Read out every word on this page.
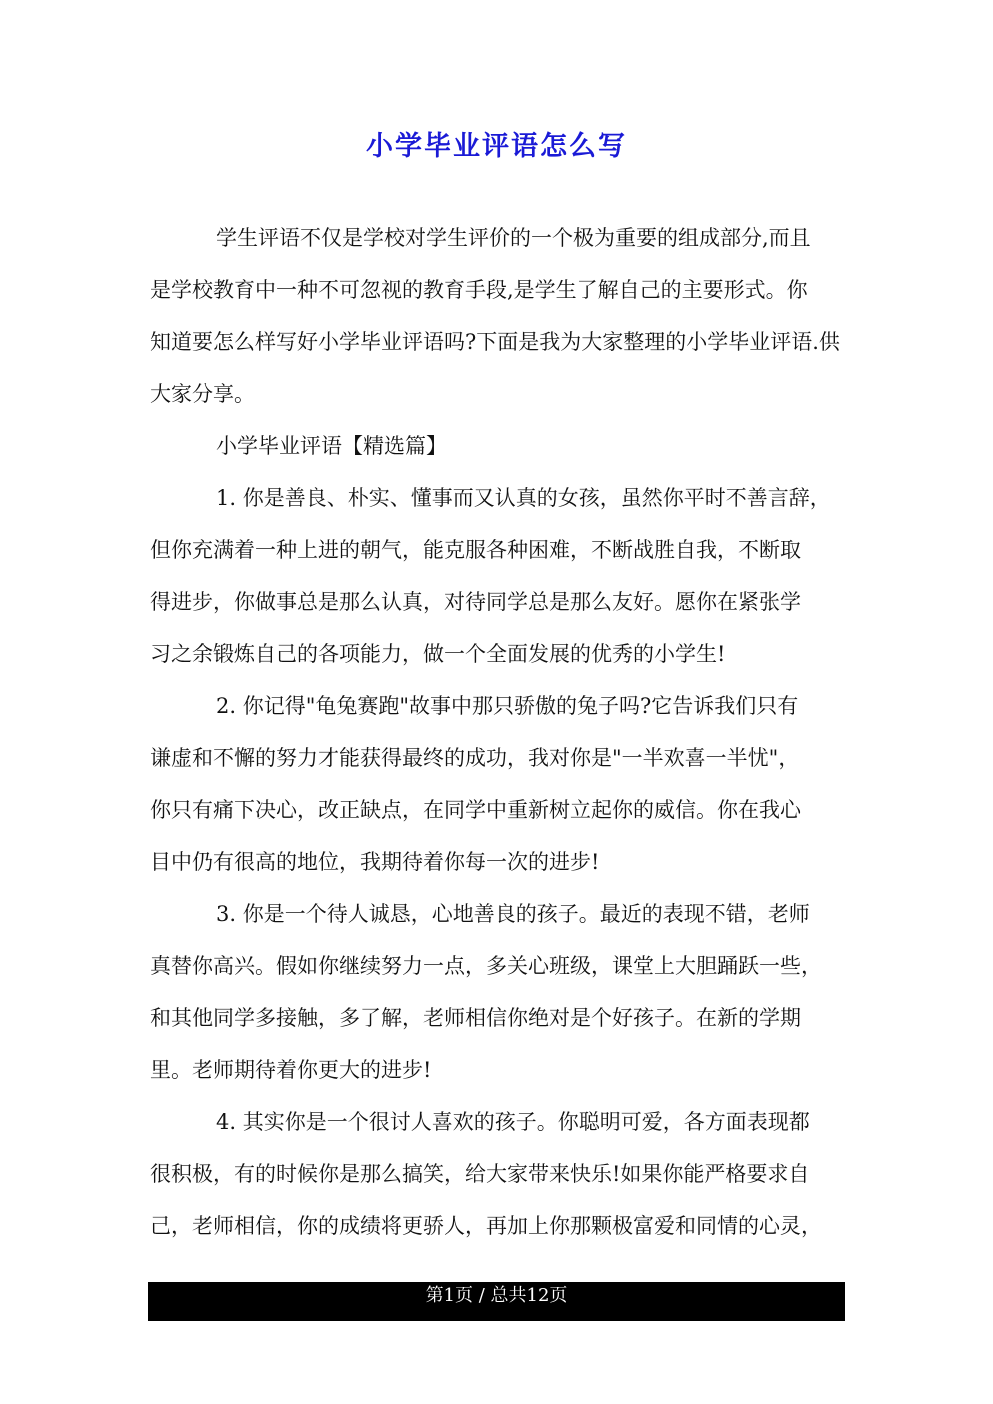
小学毕业评语怎么写

学生评语不仅是学校对学生评价的一个极为重要的组成部分,而且

是学校教育中一种不可忽视的教育手段,是学生了解自己的主要形式。你

知道要怎么样写好小学毕业评语吗?下面是我为大家整理的小学毕业评语.供

大家分享。

小学毕业评语【精选篇】

1. 你是善良、朴实、懂事而又认真的女孩，虽然你平时不善言辞，

但你充满着一种上进的朝气，能克服各种困难，不断战胜自我，不断取

得进步，你做事总是那么认真，对待同学总是那么友好。愿你在紧张学

习之余锻炼自己的各项能力，做一个全面发展的优秀的小学生!

2. 你记得"龟兔赛跑"故事中那只骄傲的兔子吗?它告诉我们只有

谦虚和不懈的努力才能获得最终的成功，我对你是"一半欢喜一半忧"，

你只有痛下决心，改正缺点，在同学中重新树立起你的威信。你在我心

目中仍有很高的地位，我期待着你每一次的进步!

3. 你是一个待人诚恳，心地善良的孩子。最近的表现不错，老师

真替你高兴。假如你继续努力一点，多关心班级，课堂上大胆踊跃一些，

和其他同学多接触，多了解，老师相信你绝对是个好孩子。在新的学期

里。老师期待着你更大的进步!

4. 其实你是一个很讨人喜欢的孩子。你聪明可爱，各方面表现都

很积极，有的时候你是那么搞笑，给大家带来快乐!如果你能严格要求自

己，老师相信，你的成绩将更骄人，再加上你那颗极富爱和同情的心灵，

第1页 / 总共12页
